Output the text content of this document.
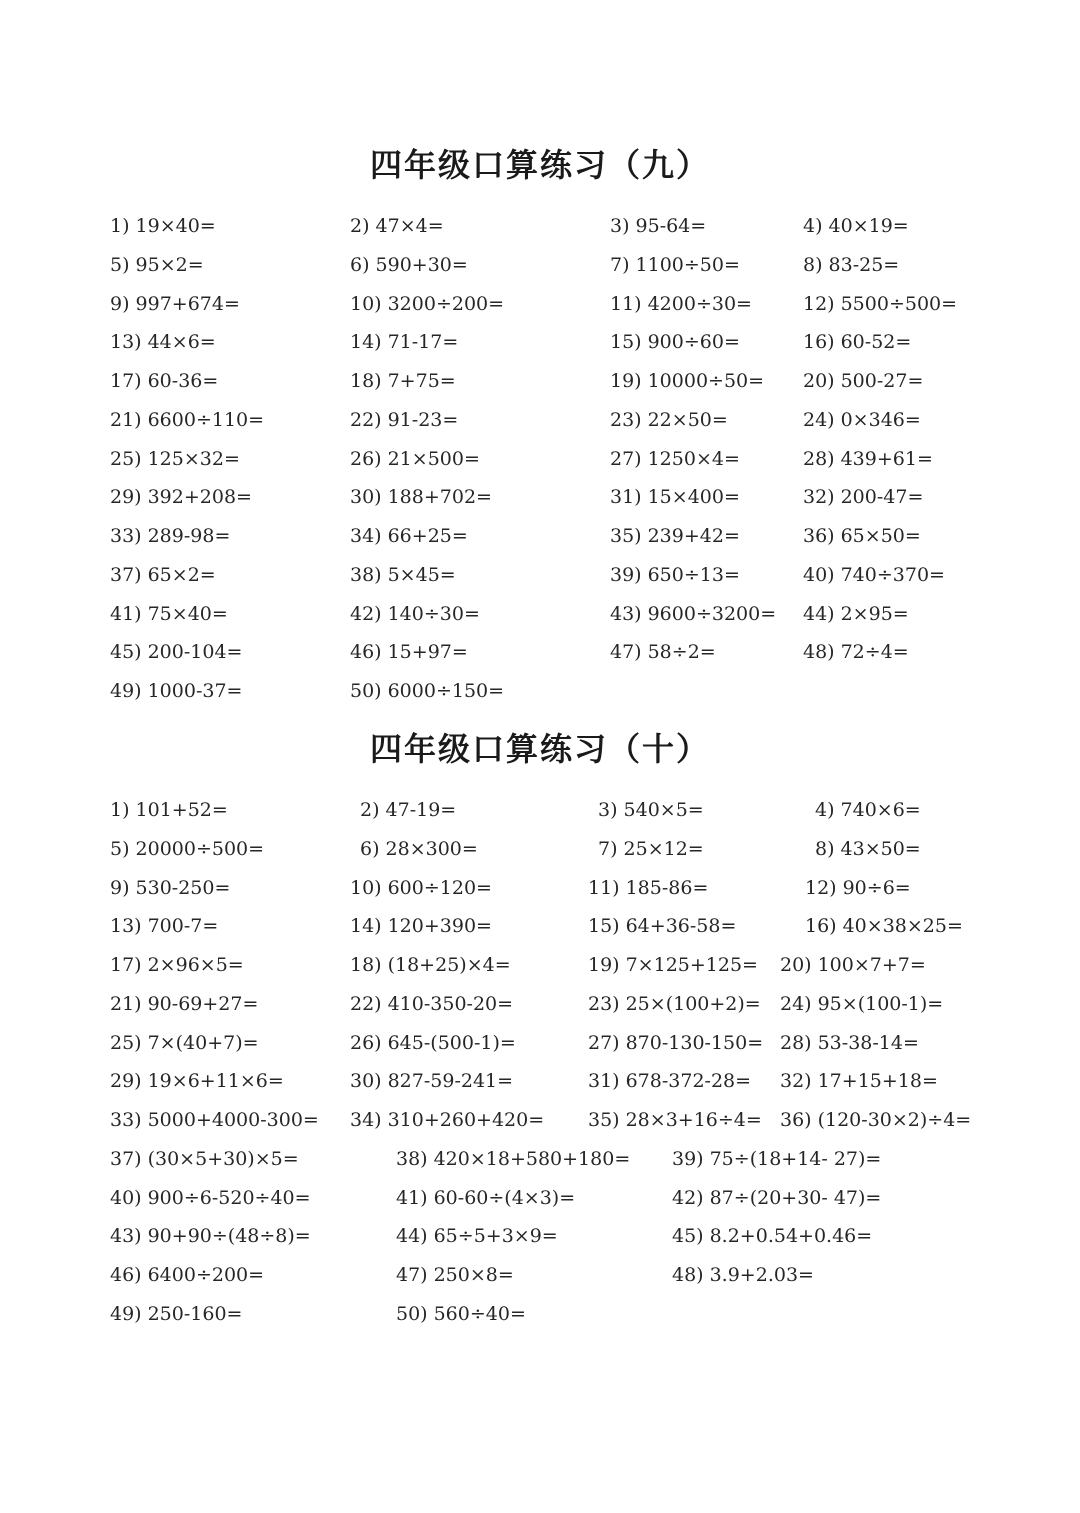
四年级口算练习（九）
1) 19×40=	2) 47×4=	3) 95-64=	4) 40×19=
5) 95×2=	6) 590+30=	7) 1100÷50=	8) 83-25=
9) 997+674=	10) 3200÷200=	11) 4200÷30=	12) 5500÷500=
13) 44×6=	14) 71-17=	15) 900÷60=	16) 60-52=
17) 60-36=	18) 7+75=	19) 10000÷50= 20) 500-27=
21) 6600÷110=	22) 91-23=	23) 22×50=	24) 0×346=
25) 125×32=	26) 21×500=	27) 1250×4=	28) 439+61=
29) 392+208=	30) 188+702=	31) 15×400=	32) 200-47=
33) 289-98=	34) 66+25=	35) 239+42=	36) 65×50=
37) 65×2=	38) 5×45=	39) 650÷13=	40) 740÷370=
41) 75×40=	42) 140÷30=	43) 9600÷3200= 44) 2×95=
45) 200-104=	46) 15+97=	47) 58÷2=	48) 72÷4=
49) 1000-37=	50) 6000÷150=
四年级口算练习（十）
1) 101+52=	2) 47-19=	3) 540×5=	4) 740×6=
5) 20000÷500=	6) 28×300=	7) 25×12=	8) 43×50=
9) 530-250=	10) 600÷120=	11) 185-86=	12) 90÷6=
13) 700-7=	14) 120+390=	15) 64+36-58=	16) 40×38×25=
17) 2×96×5=	18) (18+25)×4=	19) 7×125+125= 20) 100×7+7=
21) 90-69+27=	22) 410-350-20=	23) 25×(100+2)= 24) 95×(100-1)=
25) 7×(40+7)=	26) 645-(500-1)=	27) 870-130-150= 28) 53-38-14=
29) 19×6+11×6=	30) 827-59-241=	31) 678-372-28= 32) 17+15+18=
33) 5000+4000-300= 34) 310+260+420= 35) 28×3+16÷4= 36) (120-30×2)÷4=
37) (30×5+30)×5=	38) 420×18+580+180= 39) 75÷(18+14- 27)=
40) 900÷6-520÷40=	41) 60-60÷(4×3)=	42) 87÷(20+30- 47)=
43) 90+90÷(48÷8)=	44) 65÷5+3×9=	45) 8.2+0.54+0.46=
46) 6400÷200=	47) 250×8=	48) 3.9+2.03=
49) 250-160=	50) 560÷40=
